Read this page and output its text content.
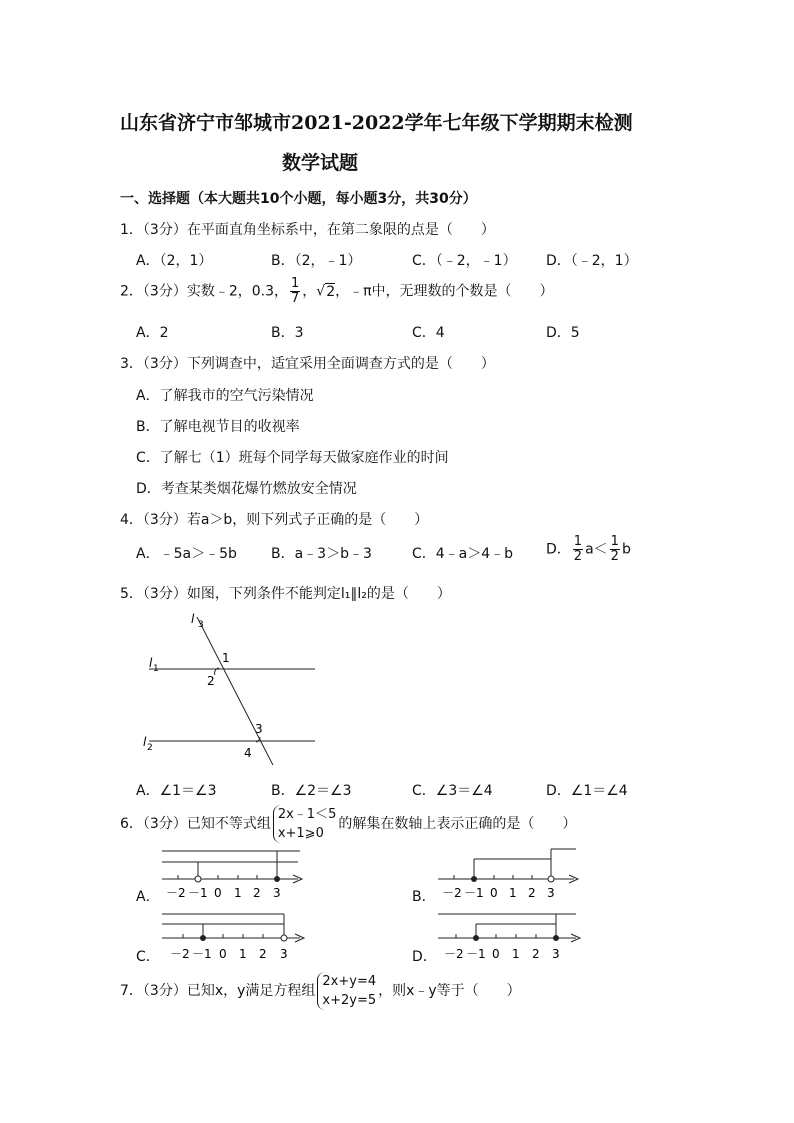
山东省济宁市邹城市2021-2022学年七年级下学期期末检测
数学试题
一、选择题（本大题共10个小题，每小题3分，共30分）
1．（3分）在平面直角坐标系中，在第二象限的点是（　　）
A．（2，1）	B．（2，﹣1）	C．（﹣2，﹣1） D．（﹣2，1）
2．（3分）实数﹣2，0.3， $\frac{1}{7}$ ，√2，﹣π中，无理数的个数是（　　）
A．2	B．3	C．4	D．5
3．（3分）下列调查中，适宜采用全面调查方式的是（　　）
A．了解我市的空气污染情况
B．了解电视节目的收视率
C．了解七（1）班每个同学每天做家庭作业的时间
D．考查某类烟花爆竹燃放安全情况
4．（3分）若a＞b，则下列式子正确的是（　　）
A．﹣5a＞﹣5b B．a﹣3＞b﹣3	C．4﹣a＞4﹣b D． $\frac{1}{2} a< \frac{1}{2}$ b
5．（3分）如图，下列条件不能判定l₁∥l₂的是（　　）
l 3
l 1
l 2
1
2
3
4
A．∠1＝∠3	B．∠2＝∠3	C．∠3＝∠4	D．∠1＝∠4
6．（3分）已知不等式组
2x﹣1＜5
x+1⩾0
的解集在数轴上表示正确的是（　　）
A． －2 －1 0 1 2 3	B． －2 －1 0 1 2 3
C． －2 －1 0 1 2 3	D． －2 －1 0 1 2 3
7．（3分）已知x，y满足方程组
2x+y=4
x+2y=5
，则x﹣y等于（　　）
